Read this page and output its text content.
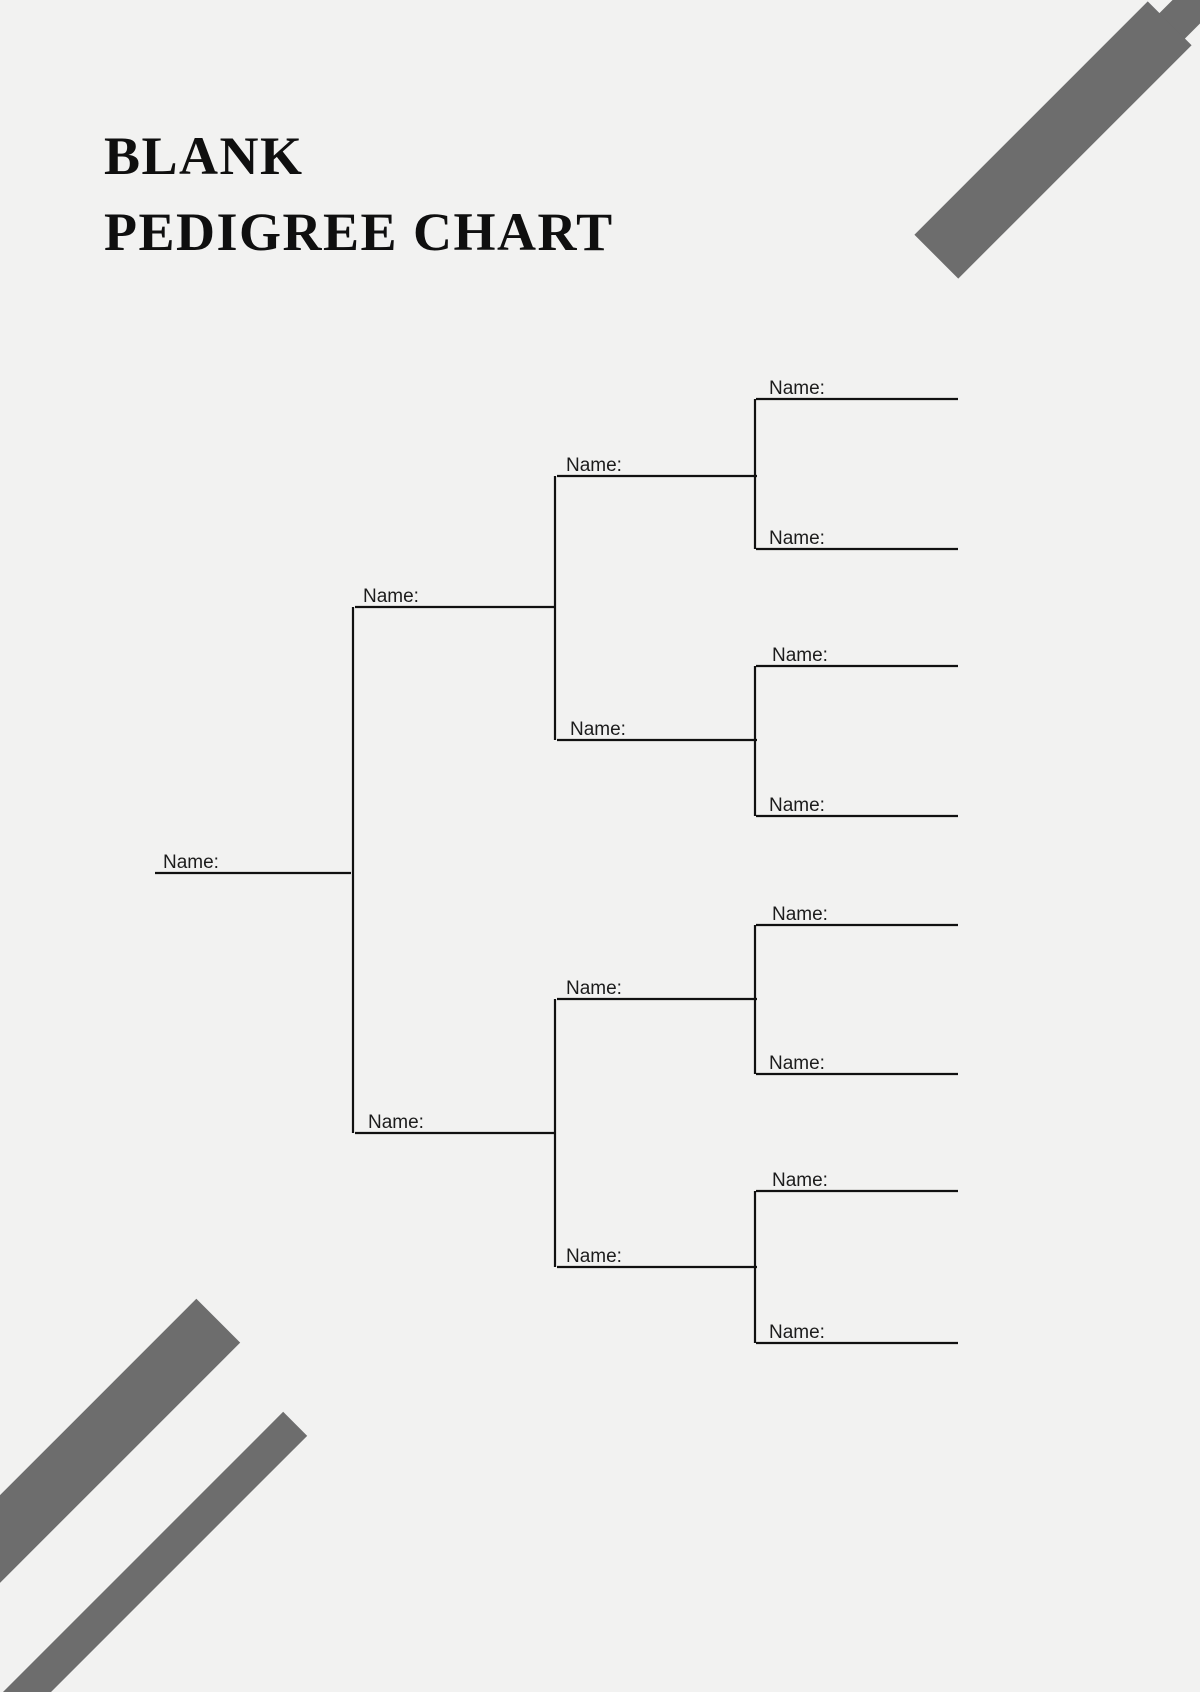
BLANK
PEDIGREE CHART
Name:
Name:
Name:
Name:
Name:
Name:
Name:
Name:
Name:
Name:
Name:
Name:
Name:
Name:
Name:
